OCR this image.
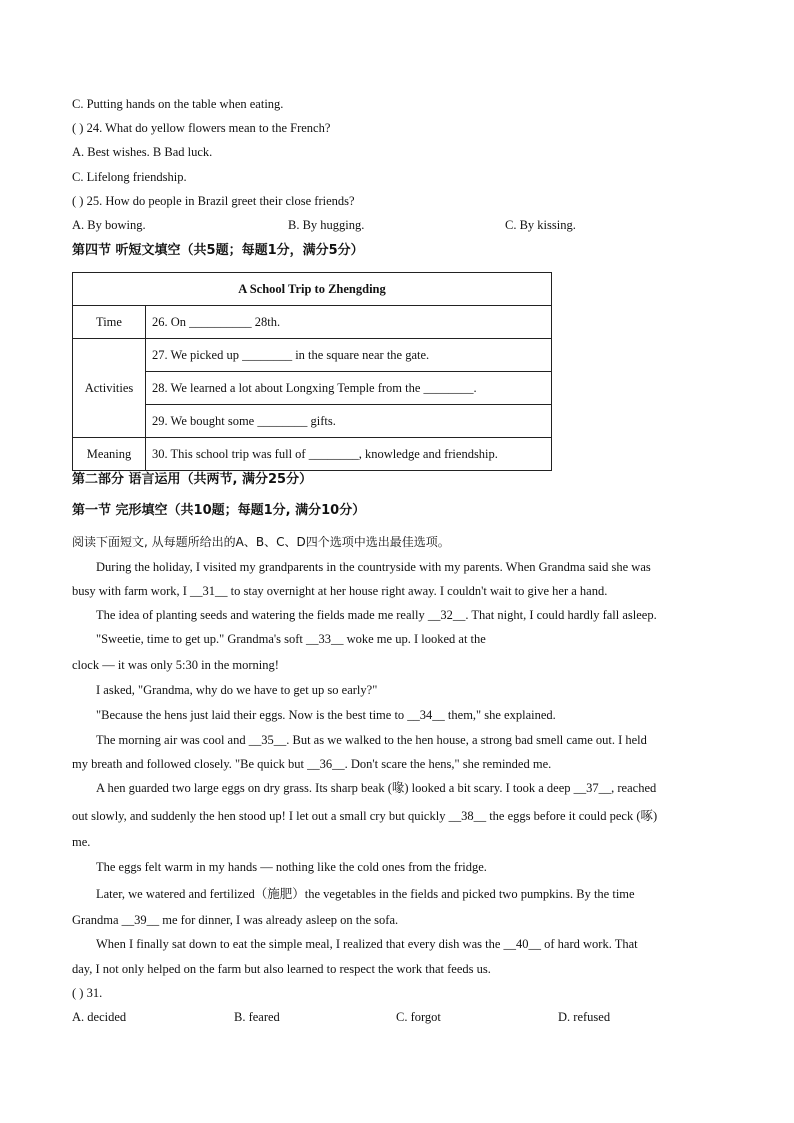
C. Putting hands on the table when eating.
( ) 24. What do yellow flowers mean to the French?
A. Best wishes. B Bad luck.
C. Lifelong friendship.
( ) 25. How do people in Brazil greet their close friends?
A. By bowing.	B. By hugging.	C. By kissing.
第四节 听短文填空（共5题；每题1分，满分5分）
A School Trip to Zhengding	
Time	26. On __________ 28th.
Activities	27. We picked up ________ in the square near the gate.
	28. We learned a lot about Longxing Temple from the ________.
	29. We bought some ________ gifts.
Meaning	30. This school trip was full of ________, knowledge and friendship.
第二部分 语言运用（共两节, 满分25分）
第一节 完形填空（共10题；每题1分, 满分10分）
阅读下面短文, 从每题所给出的A、B、C、D四个选项中选出最佳选项。
During the holiday, I visited my grandparents in the countryside with my parents. When Grandma said she was
busy with farm work, I __31__ to stay overnight at her house right away. I couldn't wait to give her a hand.
The idea of planting seeds and watering the fields made me really __32__. That night, I could hardly fall asleep.
"Sweetie, time to get up." Grandma's soft __33__ woke me up. I looked at the
clock — it was only 5:30 in the morning!
I asked, "Grandma, why do we have to get up so early?"
"Because the hens just laid their eggs. Now is the best time to __34__ them," she explained.
The morning air was cool and __35__. But as we walked to the hen house, a strong bad smell came out. I held
my breath and followed closely. "Be quick but __36__. Don't scare the hens," she reminded me.
A hen guarded two large eggs on dry grass. Its sharp beak (喙) looked a bit scary. I took a deep __37__, reached
out slowly, and suddenly the hen stood up! I let out a small cry but quickly __38__ the eggs before it could peck (啄)
me.
The eggs felt warm in my hands — nothing like the cold ones from the fridge.
Later, we watered and fertilized（施肥）the vegetables in the fields and picked two pumpkins. By the time
Grandma __39__ me for dinner, I was already asleep on the sofa.
When I finally sat down to eat the simple meal, I realized that every dish was the __40__ of hard work. That
day, I not only helped on the farm but also learned to respect the work that feeds us.
( ) 31.
A. decided	B. feared	C. forgot	D. refused
